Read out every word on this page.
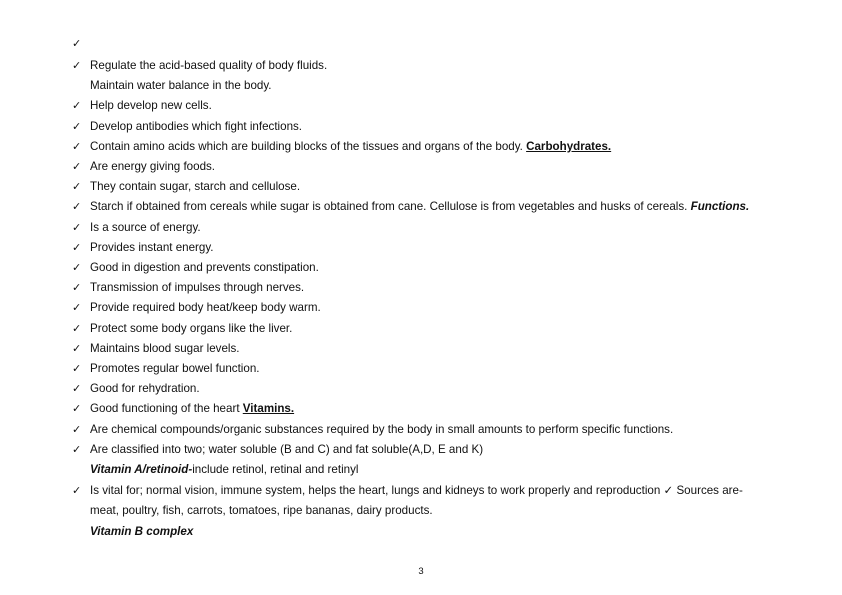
✓
✓ Regulate the acid-based quality of body fluids.
Maintain water balance in the body.
✓ Help develop new cells.
✓ Develop antibodies which fight infections.
✓ Contain amino acids which are building blocks of the tissues and organs of the body. Carbohydrates.
✓ Are energy giving foods.
✓ They contain sugar, starch and cellulose.
✓ Starch if obtained from cereals while sugar is obtained from cane. Cellulose is from vegetables and husks of cereals. Functions.
✓ Is a source of energy.
✓ Provides instant energy.
✓ Good in digestion and prevents constipation.
✓ Transmission of impulses through nerves.
✓ Provide required body heat/keep body warm.
✓ Protect some body organs like the liver.
✓ Maintains blood sugar levels.
✓ Promotes regular bowel function.
✓ Good for rehydration.
✓ Good functioning of the heart Vitamins.
✓ Are chemical compounds/organic substances required by the body in small amounts to perform specific functions.
✓ Are classified into two; water soluble (B and C) and fat soluble(A,D, E and K)
Vitamin A/retinoid-include retinol, retinal and retinyl
✓ Is vital for; normal vision, immune system, helps the heart, lungs and kidneys to work properly and reproduction ✓ Sources are-
meat, poultry, fish, carrots, tomatoes, ripe bananas, dairy products.
Vitamin B complex
3
